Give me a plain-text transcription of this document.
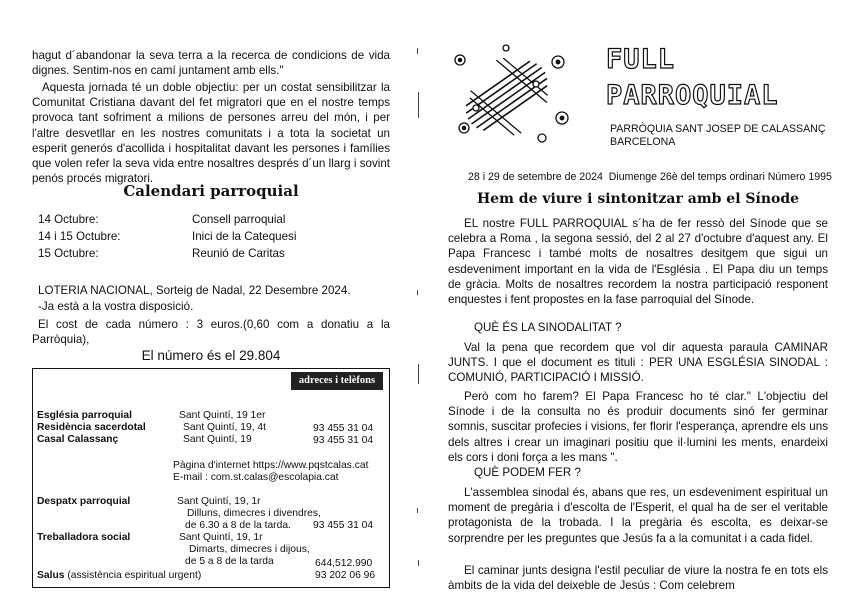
hagut d´abandonar la seva terra a la recerca de condicions de vida dignes. Sentim-nos en camí juntament amb ells."

Aquesta jornada té un doble objectiu: per un costat sensibilitzar la Comunitat Cristiana davant del fet migratori que en el nostre temps provoca tant sofriment a milions de persones arreu del món, i per l'altre desvetllar en les nostres comunitats i a tota la societat un esperit generós d'acollida i hospitalitat davant les persones i famílies que volen refer la seva vida entre nosaltres després d´un llarg i sovint penós procés migratori.

Calendari parroquial
14 Octubre:	Consell parroquial
14 i 15 Octubre:	Inici de la Catequesi
15 Octubre:	Reunió de Caritas

LOTERIA NACIONAL, Sorteig de Nadal, 22 Desembre 2024.

-Ja està a la vostra disposició.

El cost de cada número : 3 euros.(0,60 com a donatiu a la Parròquia),

El número és el 29.804
adreces i telèfons
Església parroquial	Sant Quintí, 19 1er
Residència sacerdotal	Sant Quintí, 19, 4t	93 455 31 04
Casal Calassanç	Sant Quintí, 19	93 455 31 04
Pàgina d'internet https://www.pqstcalas.cat
E-mail : com.st.calas@escolapia.cat
Despatx parroquial	Sant Quintí, 19, 1r
Dilluns, dimecres i divendres,
de 6.30 a 8 de la tarda. 93 455 31 04
Treballadora social	Sant Quintí, 19, 1r
Dimarts, dimecres i dijous,
de 5 a 8 de la tarda	644,512.990
Salus (assistència espiritual urgent)	93 202 06 96
FULL
PARROQUIAL
PARRÒQUIA SANT JOSEP DE CALASSANÇ
BARCELONA
28 i 29 de setembre de 2024  Diumenge 26è del temps ordinari Número 1995
Hem de viure i sintonitzar amb el Sínode

EL nostre FULL PARROQUIAL s´ha de fer ressò del Sínode que se celebra a Roma , la segona sessió, del 2 al 27 d'octubre d'aquest any. El Papa Francesc i també molts de nosaltres desitgem que sigui un esdeveniment important en la vida de l'Església . El Papa diu un temps de gràcia. Molts de nosaltres recordem la nostra participació responent enquestes i fent propostes en la fase parroquial del Sínode.

QUÈ ÉS LA SINODALITAT ?

Val la pena que recordem que vol dir aquesta paraula CAMINAR JUNTS. I que el document es tituli : PER UNA ESGLÉSIA SINODAL : COMUNIÓ, PARTICIPACIÓ I MISSIÓ.

Però com ho farem? El Papa Francesc ho té clar." L'objectiu del Sínode i de la consulta no és produir documents sinó fer germinar somnis, suscitar profecies i visions, fer florir l'esperança, aprendre els uns dels altres i crear un imaginari positiu que il·lumini les ments, enardeixi els cors i doni força a les mans ".

QUÈ PODEM FER ?

L'assemblea sinodal és, abans que res, un esdeveniment espiritual un moment de pregària i d'escolta de l'Esperit, el qual ha de ser el veritable protagonista de la trobada. I la pregària és escolta, es deixar-se sorprendre per les preguntes que Jesús fa a la comunitat i a cada fidel.

El caminar junts designa l'estil peculiar de viure la nostra fe en tots els àmbits de la vida del deixeble de Jesús : Com celebrem
